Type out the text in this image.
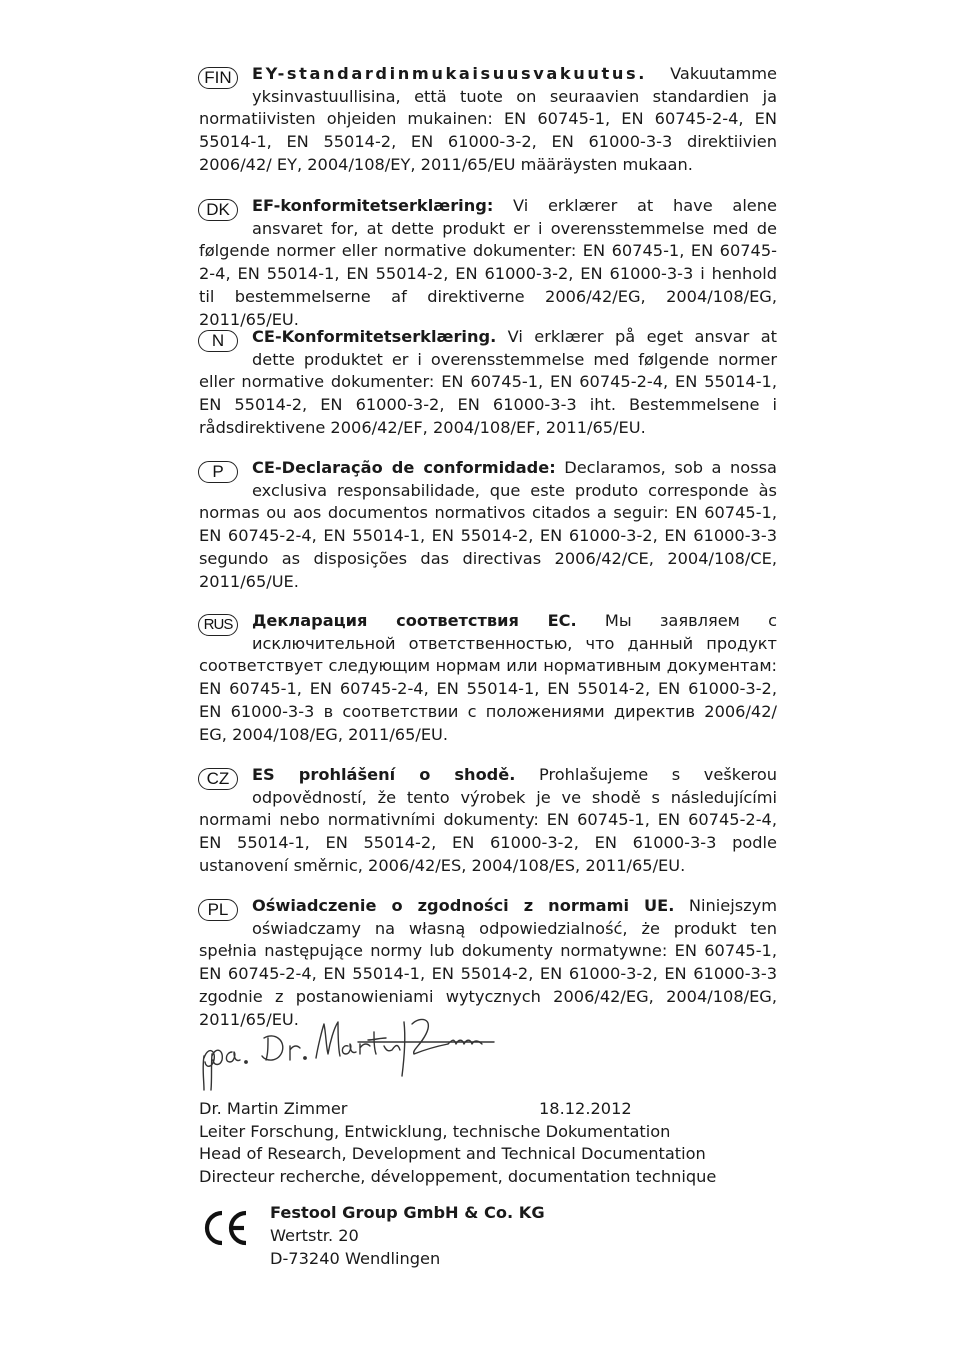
FIN	EY-standardinmukaisuusvakuutus. Vakuutamme yksinvastuullisina, että tuote on seuraavien standardien ja normatiivisten ohjeiden mukainen: EN 60745-1, EN 60745-2-4, EN 55014-1, EN 55014-2, EN 61000-3-2, EN 61000-3-3 direktiivien 2006/42/ EY, 2004/108/EY, 2011/65/EU määräysten mukaan.
DK	EF-konformitetserklæring: Vi erklærer at have alene ansvaret for, at dette produkt er i overensstemmelse med de følgende normer eller normative dokumenter: EN 60745-1, EN 60745-2-4, EN 55014-1, EN 55014-2, EN 61000-3-2, EN 61000-3-3 i henhold til bestemmelserne af direktiverne 2006/42/EG, 2004/108/EG, 2011/65/EU.
N	CE-Konformitetserklæring. Vi erklærer på eget ansvar at dette produktet er i overensstemmelse med følgende normer eller normative dokumenter: EN 60745-1, EN 60745-2-4, EN 55014-1, EN 55014-2, EN 61000-3-2, EN 61000-3-3 iht. Bestemmelsene i rådsdirektivene 2006/42/EF, 2004/108/EF, 2011/65/EU.
P	CE-Declaração de conformidade: Declaramos, sob a nossa exclusiva responsabilidade, que este produto corresponde às normas ou aos documentos normativos citados a seguir: EN 60745-1, EN 60745-2-4, EN 55014-1, EN 55014-2, EN 61000-3-2, EN 61000-3-3 segundo as disposições das directivas 2006/42/CE, 2004/108/CE, 2011/65/UE.
RUS	Декларация соответствия ЕС. Мы заявляем с исключительной ответственностью, что данный продукт соответствует следующим нормам или нормативным документам: EN 60745-1, EN 60745-2-4, EN 55014-1, EN 55014-2, EN 61000-3-2, EN 61000-3-3 в соответствии с положениями директив 2006/42/ EG, 2004/108/EG, 2011/65/EU.
CZ	ES prohlášení o shodě. Prohlašujeme s veškerou odpovědností, že tento výrobek je ve shodě s následujícími normami nebo normativními dokumenty: EN 60745-1, EN 60745-2-4, EN 55014-1, EN 55014-2, EN 61000-3-2, EN 61000-3-3 podle ustanovení směrnic, 2006/42/ES, 2004/108/ES, 2011/65/EU.
PL	Oświadczenie o zgodności z normami UE. Niniejszym oświadczamy na własną odpowiedzialność, że produkt ten spełnia następujące normy lub dokumenty normatywne: EN 60745-1, EN 60745-2-4, EN 55014-1, EN 55014-2, EN 61000-3-2, EN 61000-3-3 zgodnie z postanowieniami wytycznych 2006/42/EG, 2004/108/EG, 2011/65/EU.
Dr. Martin Zimmer	18.12.2012
Leiter Forschung, Entwicklung, technische Dokumentation
Head of Research, Development and Technical Documentation
Directeur recherche, développement, documentation technique
Festool Group GmbH & Co. KG
Wertstr. 20
D-73240 Wendlingen
